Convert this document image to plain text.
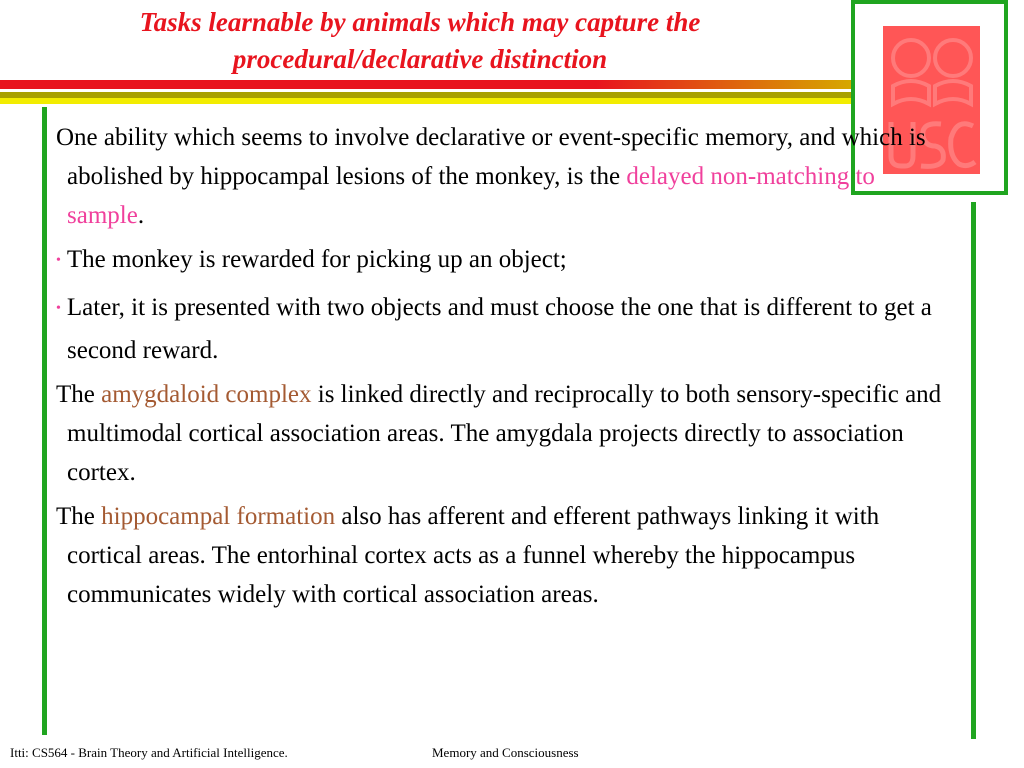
Tasks learnable by animals which may capture the
procedural/declarative distinction

One ability which seems to involve declarative or event-specific memory, and which is abolished by hippocampal lesions of the monkey, is the delayed non-matching to sample.

• The monkey is rewarded for picking up an object;

• Later, it is presented with two objects and must choose the one that is different to get a second reward.

The amygdaloid complex is linked directly and reciprocally to both sensory-specific and multimodal cortical association areas. The amygdala projects directly to association cortex.

The hippocampal formation also has afferent and efferent pathways linking it with cortical areas. The entorhinal cortex acts as a funnel whereby the hippocampus communicates widely with cortical association areas.

Itti: CS564 - Brain Theory and Artificial Intelligence.	Memory and Consciousness
